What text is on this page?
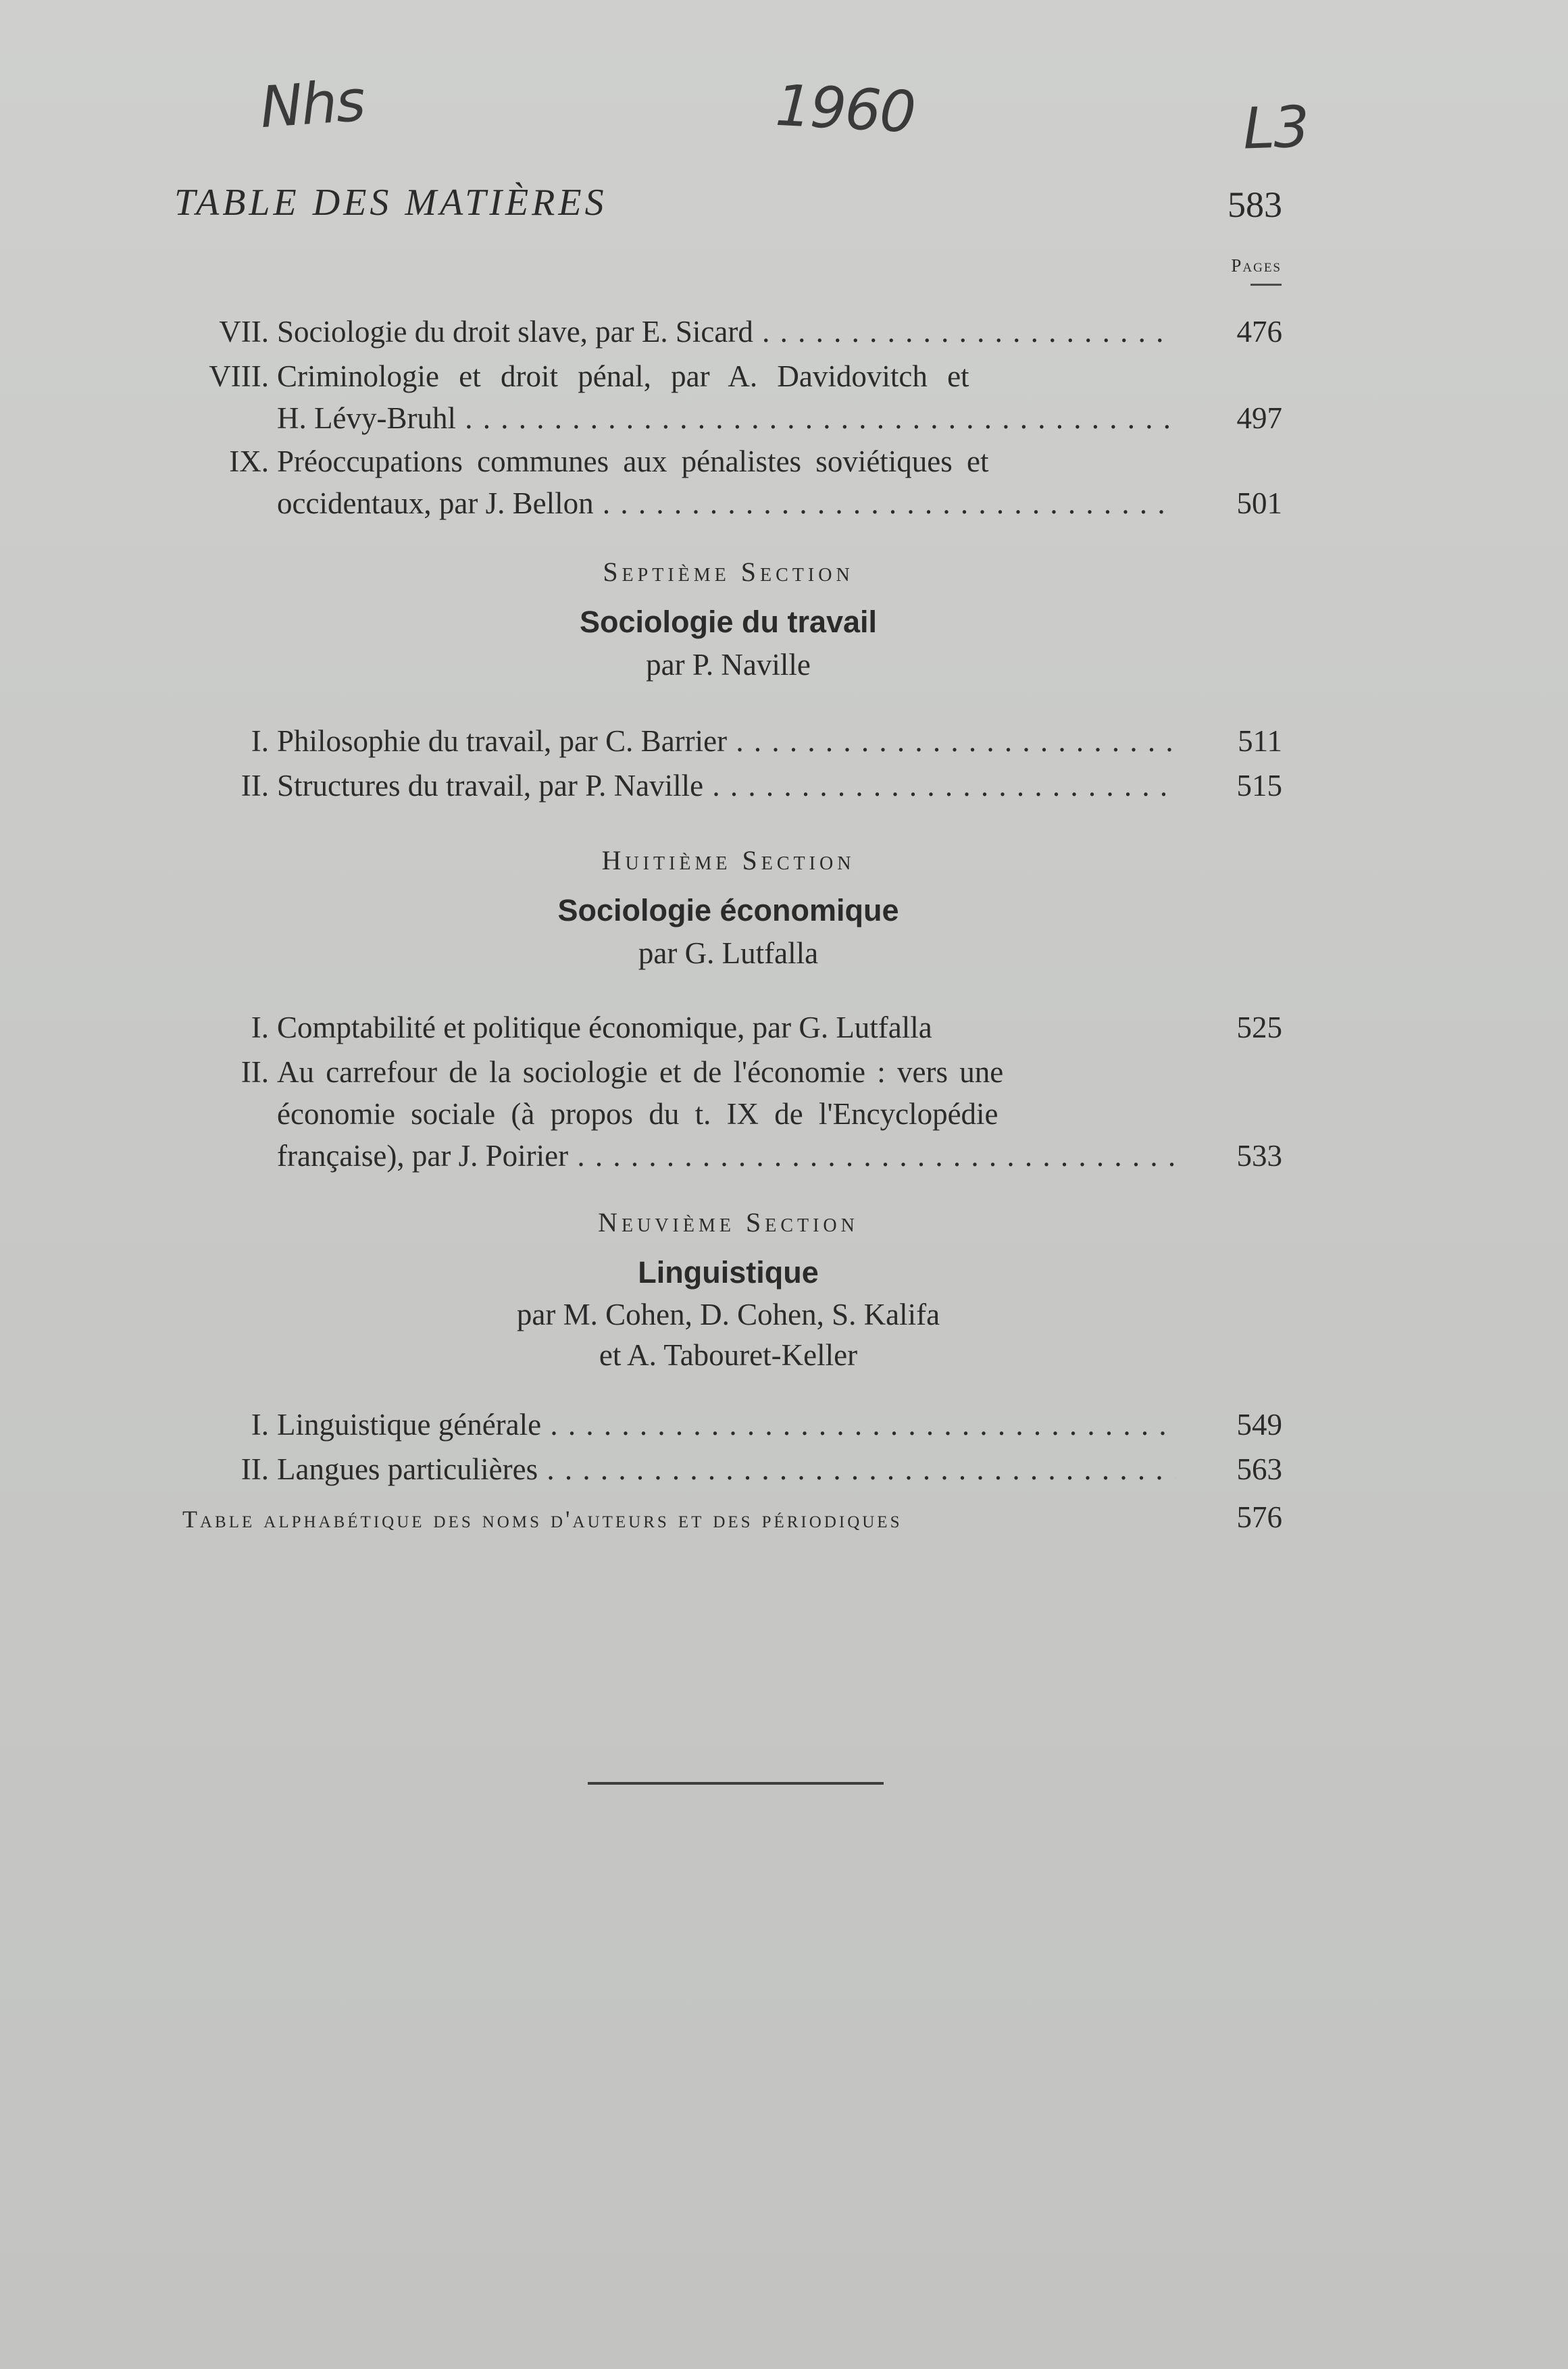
Nhs	1960	L3
TABLE DES MATIÈRES	583
Pages
VII. Sociologie du droit slave, par E. Sicard . . .	476
VIII. Criminologie et droit pénal, par A. Davidovitch et
H. Lévy-Bruhl . . .	497
IX. Préoccupations communes aux pénalistes soviétiques et
occidentaux, par J. Bellon . . .	501
Septième Section
Sociologie du travail
par P. Naville
I. Philosophie du travail, par C. Barrier . . .	511
II. Structures du travail, par P. Naville . . .	515
Huitième Section
Sociologie économique
par G. Lutfalla
I. Comptabilité et politique économique, par G. Lutfalla	525
II. Au carrefour de la sociologie et de l'économie : vers une
économie sociale (à propos du t. IX de l'Encyclopédie
française), par J. Poirier . . .	533
Neuvième Section
Linguistique
par M. Cohen, D. Cohen, S. Kalifa
et A. Tabouret-Keller
I. Linguistique générale . . .	549
II. Langues particulières . . .	563
Table alphabétique des noms d'auteurs et des périodiques	576
